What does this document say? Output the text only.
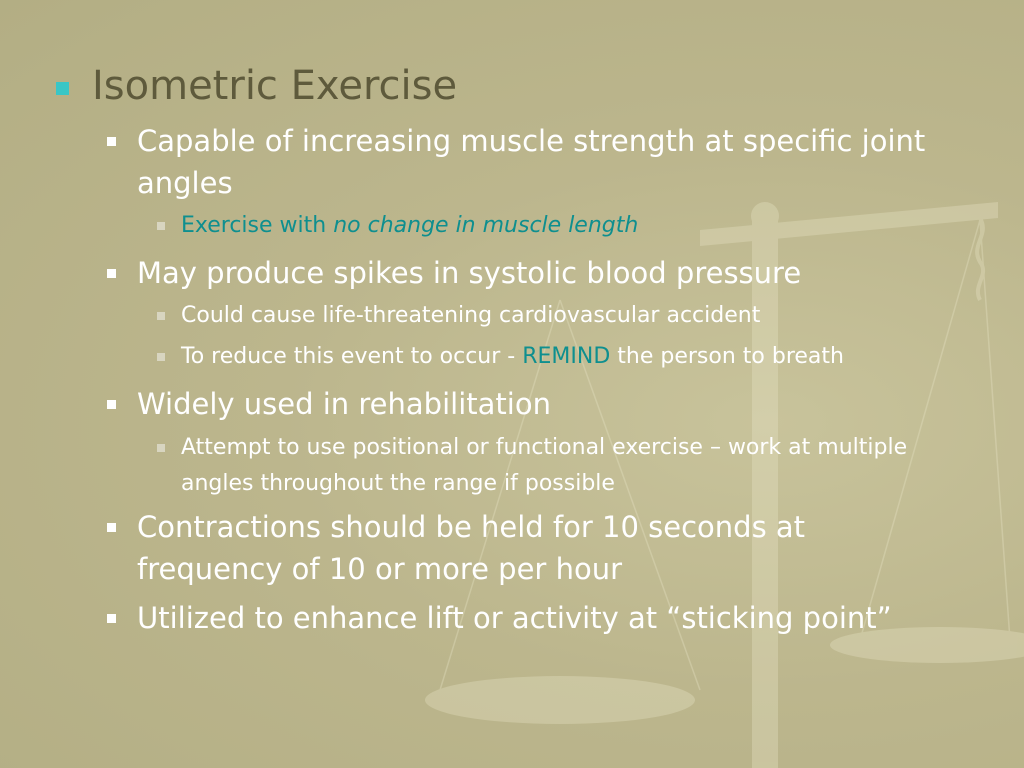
Isometric Exercise
Capable of increasing muscle strength at specific joint angles
Exercise with no change in muscle length
May produce spikes in systolic blood pressure
Could cause life-threatening cardiovascular accident
To reduce this event to occur - REMIND the person to breath
Widely used in rehabilitation
Attempt to use positional or functional exercise – work at multiple angles throughout the range if possible
Contractions should be held for 10 seconds at frequency of 10 or more per hour
Utilized to enhance lift or activity at “sticking point”
